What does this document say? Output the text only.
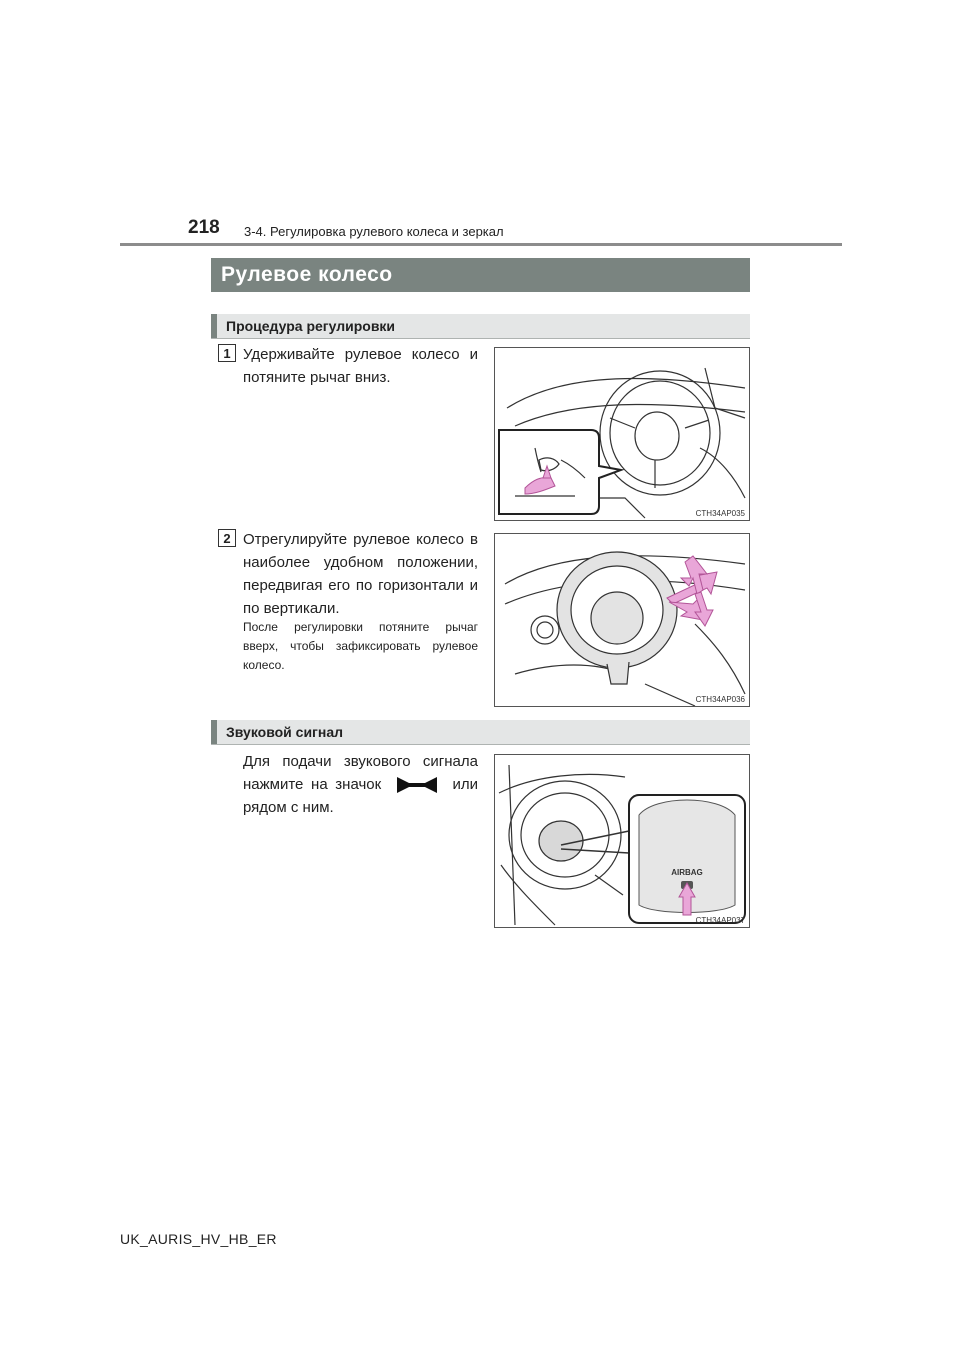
218 3-4. Регулировка рулевого колеса и зеркал
Рулевое колесо
Процедура регулировки
1 Удерживайте рулевое колесо и потяните рычаг вниз.
CTH34AP035
2 Отрегулируйте рулевое колесо в наиболее удобном положении, передвигая его по горизонтали и по вертикали.
После регулировки потяните рычаг вверх, чтобы зафиксировать рулевое колесо.
CTH34AP036
Звуковой сигнал
Для подачи звукового сигнала нажмите на значок	или рядом с ним.
AIRBAG
CTH34AP037
UK_AURIS_HV_HB_ER
